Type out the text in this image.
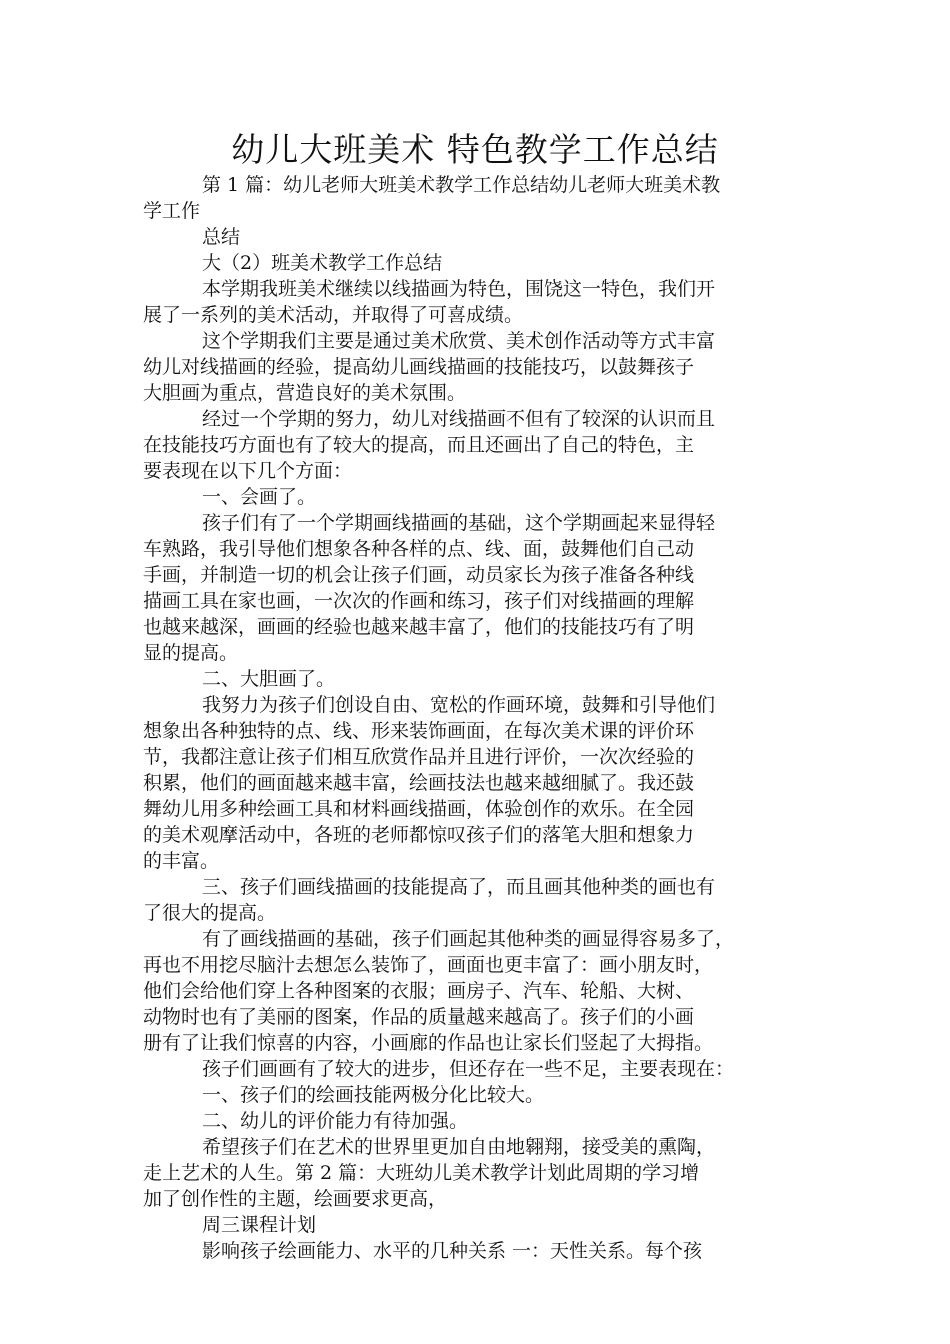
幼儿大班美术 特色教学工作总结
第 1 篇：幼儿老师大班美术教学工作总结幼儿老师大班美术教
学工作
总结
大（2）班美术教学工作总结
本学期我班美术继续以线描画为特色，围饶这一特色，我们开
展了一系列的美术活动，并取得了可喜成绩。
这个学期我们主要是通过美术欣赏、美术创作活动等方式丰富
幼儿对线描画的经验，提高幼儿画线描画的技能技巧，以鼓舞孩子
大胆画为重点，营造良好的美术氛围。
经过一个学期的努力，幼儿对线描画不但有了较深的认识而且
在技能技巧方面也有了较大的提高，而且还画出了自己的特色，主
要表现在以下几个方面：
一、会画了。
孩子们有了一个学期画线描画的基础，这个学期画起来显得轻
车熟路，我引导他们想象各种各样的点、线、面，鼓舞他们自己动
手画，并制造一切的机会让孩子们画，动员家长为孩子准备各种线
描画工具在家也画，一次次的作画和练习，孩子们对线描画的理解
也越来越深，画画的经验也越来越丰富了，他们的技能技巧有了明
显的提高。
二、大胆画了。
我努力为孩子们创设自由、宽松的作画环境，鼓舞和引导他们
想象出各种独特的点、线、形来装饰画面，在每次美术课的评价环
节，我都注意让孩子们相互欣赏作品并且进行评价，一次次经验的
积累，他们的画面越来越丰富，绘画技法也越来越细腻了。我还鼓
舞幼儿用多种绘画工具和材料画线描画，体验创作的欢乐。在全园
的美术观摩活动中，各班的老师都惊叹孩子们的落笔大胆和想象力
的丰富。
三、孩子们画线描画的技能提高了，而且画其他种类的画也有
了很大的提高。
有了画线描画的基础，孩子们画起其他种类的画显得容易多了，
再也不用挖尽脑汁去想怎么装饰了，画面也更丰富了：画小朋友时，
他们会给他们穿上各种图案的衣服；画房子、汽车、轮船、大树、
动物时也有了美丽的图案，作品的质量越来越高了。孩子们的小画
册有了让我们惊喜的内容，小画廊的作品也让家长们竖起了大拇指。
孩子们画画有了较大的进步，但还存在一些不足，主要表现在：
一、孩子们的绘画技能两极分化比较大。
二、幼儿的评价能力有待加强。
希望孩子们在艺术的世界里更加自由地翱翔，接受美的熏陶，
走上艺术的人生。第 2 篇：大班幼儿美术教学计划此周期的学习增
加了创作性的主题，绘画要求更高，
周三课程计划
影响孩子绘画能力、水平的几种关系 一：天性关系。每个孩
